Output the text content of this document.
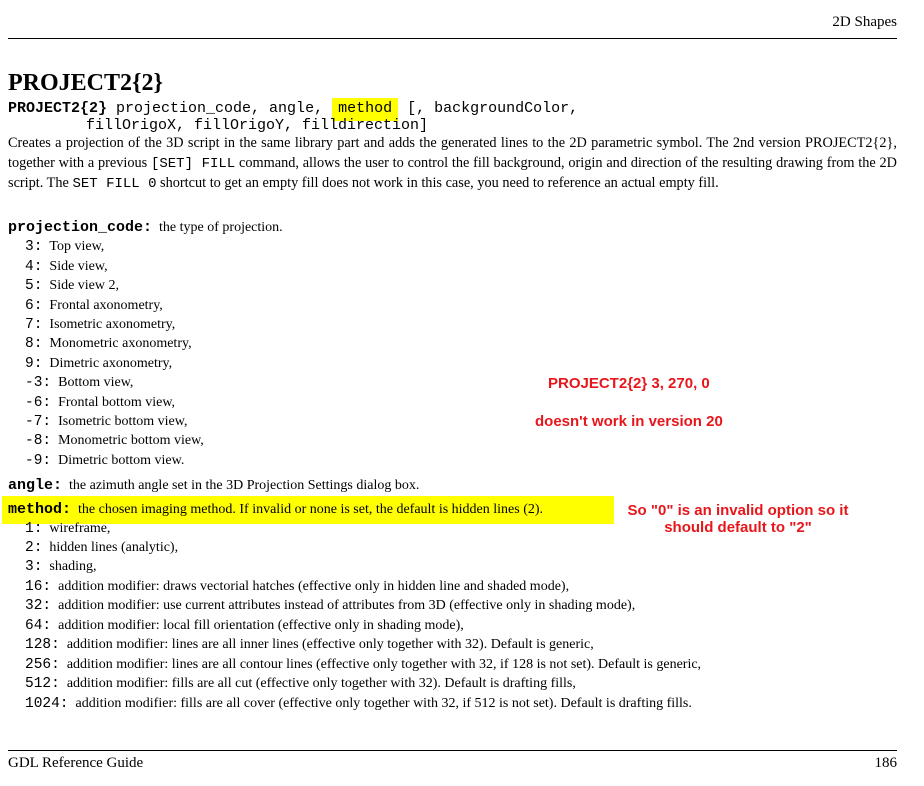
2D Shapes
PROJECT2{2}
PROJECT2{2} projection_code, angle, method [, backgroundColor,
fillOrigoX, fillOrigoY, filldirection]
Creates a projection of the 3D script in the same library part and adds the generated lines to the 2D parametric symbol. The 2nd version PROJECT2{2}, together with a previous [SET] FILL command, allows the user to control the fill background, origin and direction of the resulting drawing from the 2D script. The SET FILL 0 shortcut to get an empty fill does not work in this case, you need to reference an actual empty fill.
projection_code: the type of projection.
3: Top view,
4: Side view,
5: Side view 2,
6: Frontal axonometry,
7: Isometric axonometry,
8: Monometric axonometry,
9: Dimetric axonometry,
-3: Bottom view,
-6: Frontal bottom view,
-7: Isometric bottom view,
-8: Monometric bottom view,
-9: Dimetric bottom view.
PROJECT2{2} 3, 270, 0
doesn't work in version 20
angle: the azimuth angle set in the 3D Projection Settings dialog box.
method: the chosen imaging method. If invalid or none is set, the default is hidden lines (2).	So "0" is an invalid option so it
should default to "2"
1: wireframe,
2: hidden lines (analytic),
3: shading,
16: addition modifier: draws vectorial hatches (effective only in hidden line and shaded mode),
32: addition modifier: use current attributes instead of attributes from 3D (effective only in shading mode),
64: addition modifier: local fill orientation (effective only in shading mode),
128: addition modifier: lines are all inner lines (effective only together with 32). Default is generic,
256: addition modifier: lines are all contour lines (effective only together with 32, if 128 is not set). Default is generic,
512: addition modifier: fills are all cut (effective only together with 32). Default is drafting fills,
1024: addition modifier: fills are all cover (effective only together with 32, if 512 is not set). Default is drafting fills.
GDL Reference Guide	186
